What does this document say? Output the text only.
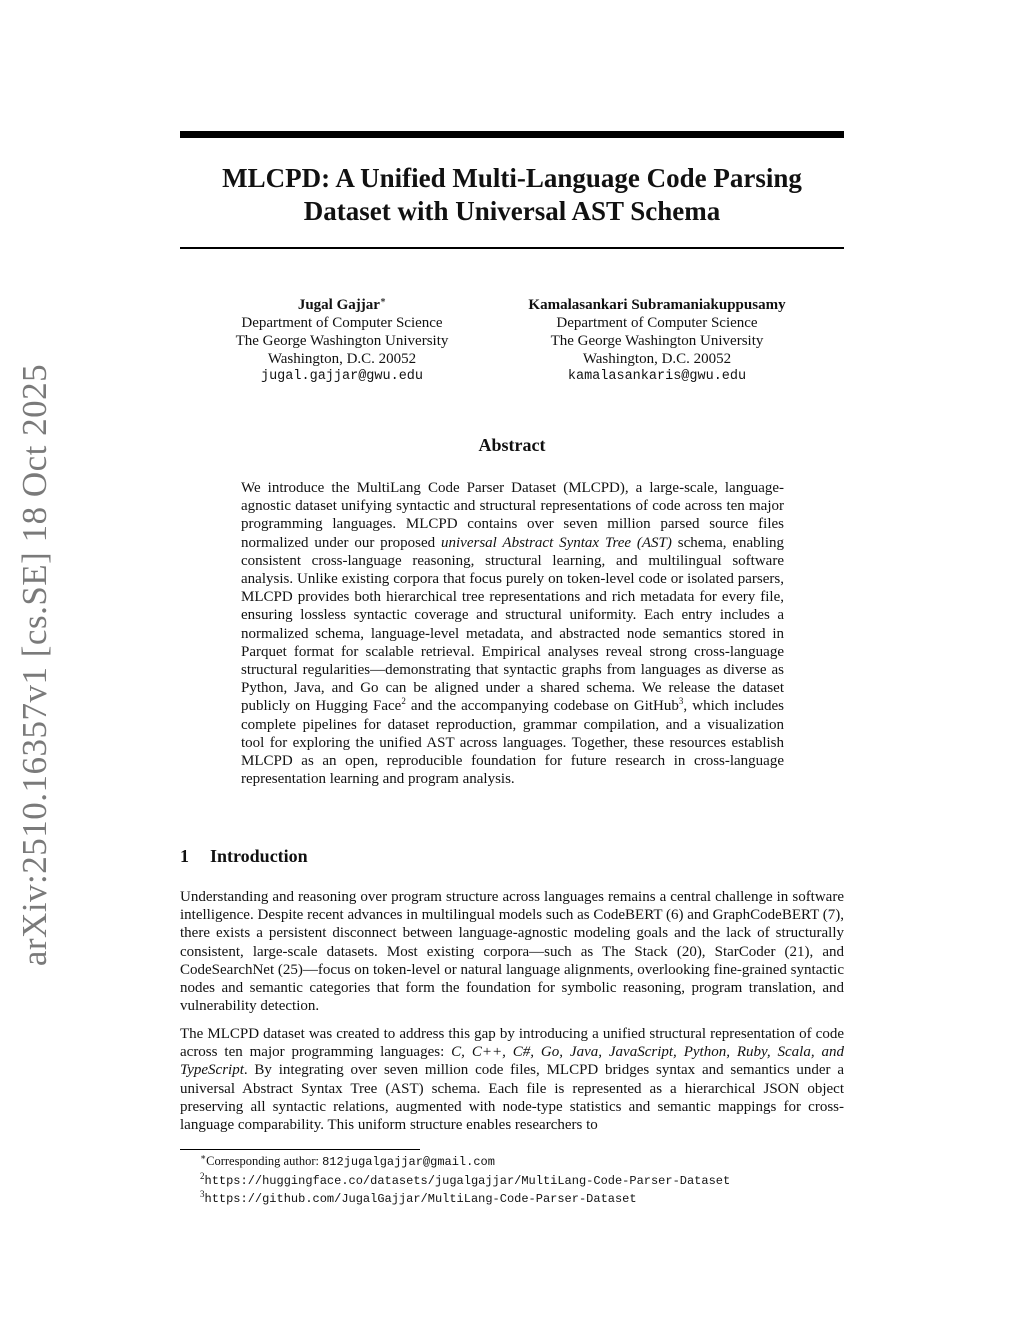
arXiv:2510.16357v1 [cs.SE] 18 Oct 2025
MLCPD: A Unified Multi-Language Code Parsing
Dataset with Universal AST Schema
Jugal Gajjar∗
Department of Computer Science
The George Washington University
Washington, D.C. 20052
jugal.gajjar@gwu.edu
Kamalasankari Subramaniakuppusamy
Department of Computer Science
The George Washington University
Washington, D.C. 20052
kamalasankaris@gwu.edu
Abstract

We introduce the MultiLang Code Parser Dataset (MLCPD), a large-scale, language-agnostic dataset unifying syntactic and structural representations of code across ten major programming languages. MLCPD contains over seven million parsed source files normalized under our proposed universal Abstract Syntax Tree (AST) schema, enabling consistent cross-language reasoning, structural learning, and multilingual software analysis. Unlike existing corpora that focus purely on token-level code or isolated parsers, MLCPD provides both hierarchical tree representations and rich metadata for every file, ensuring lossless syntactic coverage and structural uniformity. Each entry includes a normalized schema, language-level metadata, and abstracted node semantics stored in Parquet format for scalable retrieval. Empirical analyses reveal strong cross-language structural regularities—demonstrating that syntactic graphs from languages as diverse as Python, Java, and Go can be aligned under a shared schema. We release the dataset publicly on Hugging Face$^2$ and the accompanying codebase on GitHub$^3$, which includes complete pipelines for dataset reproduction, grammar compilation, and a visualization tool for exploring the unified AST across languages. Together, these resources establish MLCPD as an open, reproducible foundation for future research in cross-language representation learning and program analysis.

1 Introduction

Understanding and reasoning over program structure across languages remains a central challenge in software intelligence. Despite recent advances in multilingual models such as CodeBERT (6) and GraphCodeBERT (7), there exists a persistent disconnect between language-agnostic modeling goals and the lack of structurally consistent, large-scale datasets. Most existing corpora—such as The Stack (20), StarCoder (21), and CodeSearchNet (25)—focus on token-level or natural language alignments, overlooking fine-grained syntactic nodes and semantic categories that form the foundation for symbolic reasoning, program translation, and vulnerability detection.

The MLCPD dataset was created to address this gap by introducing a unified structural representation of code across ten major programming languages: C, C++, C#, Go, Java, JavaScript, Python, Ruby, Scala, and TypeScript. By integrating over seven million code files, MLCPD bridges syntax and semantics under a universal Abstract Syntax Tree (AST) schema. Each file is represented as a hierarchical JSON object preserving all syntactic relations, augmented with node-type statistics and semantic mappings for cross-language comparability. This uniform structure enables researchers to

∗Corresponding author: 812jugalgajjar@gmail.com
$^2$https://huggingface.co/datasets/jugalgajjar/MultiLang-Code-Parser-Dataset
$^3$https://github.com/JugalGajjar/MultiLang-Code-Parser-Dataset
